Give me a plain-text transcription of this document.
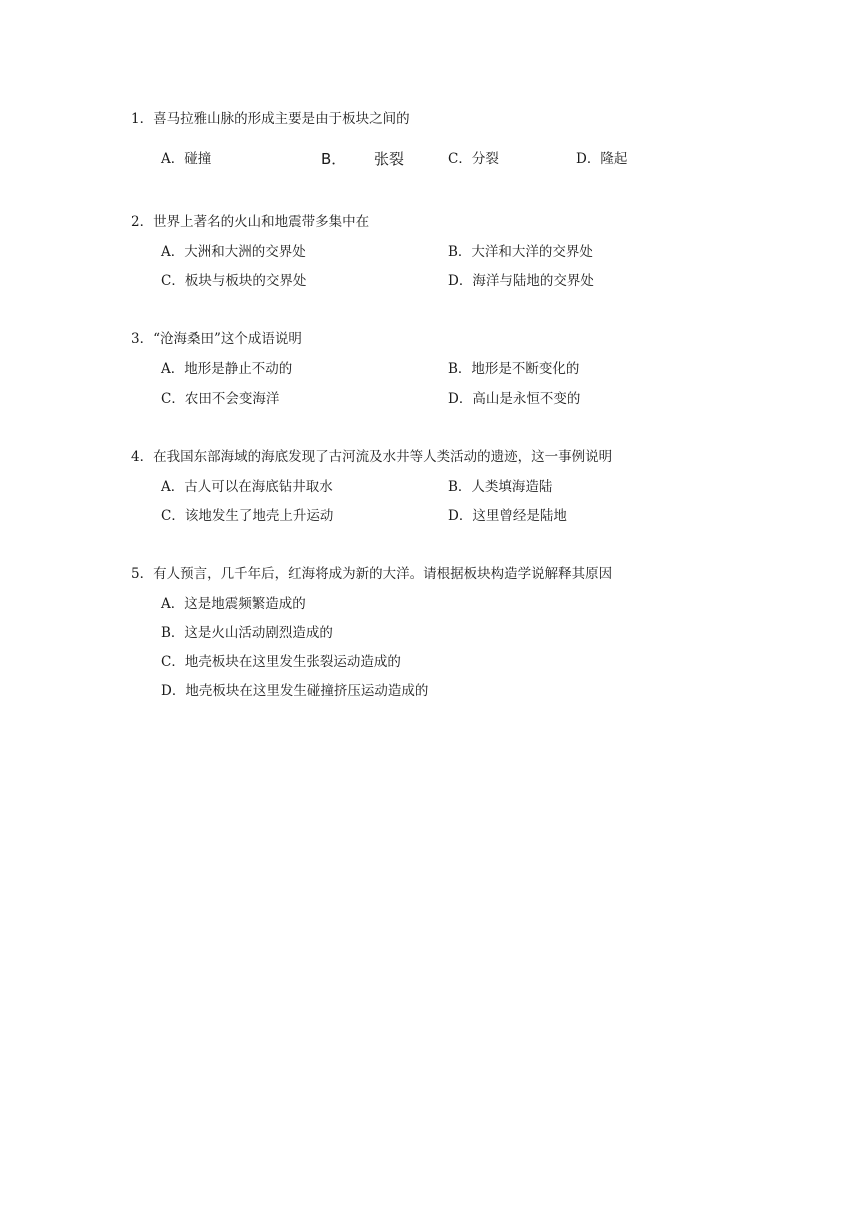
1．喜马拉雅山脉的形成主要是由于板块之间的
A．碰撞	B． 张裂	C．分裂	D．隆起
2．世界上著名的火山和地震带多集中在
A．大洲和大洲的交界处	B．大洋和大洋的交界处
C．板块与板块的交界处	D．海洋与陆地的交界处
3．“沧海桑田”这个成语说明
A．地形是静止不动的	B．地形是不断变化的
C．农田不会变海洋	D．高山是永恒不变的
4．在我国东部海域的海底发现了古河流及水井等人类活动的遗迹，这一事例说明
A．古人可以在海底钻井取水	B．人类填海造陆
C．该地发生了地壳上升运动	D．这里曾经是陆地
5．有人预言，几千年后，红海将成为新的大洋。请根据板块构造学说解释其原因
A．这是地震频繁造成的
B．这是火山活动剧烈造成的
C．地壳板块在这里发生张裂运动造成的
D．地壳板块在这里发生碰撞挤压运动造成的
